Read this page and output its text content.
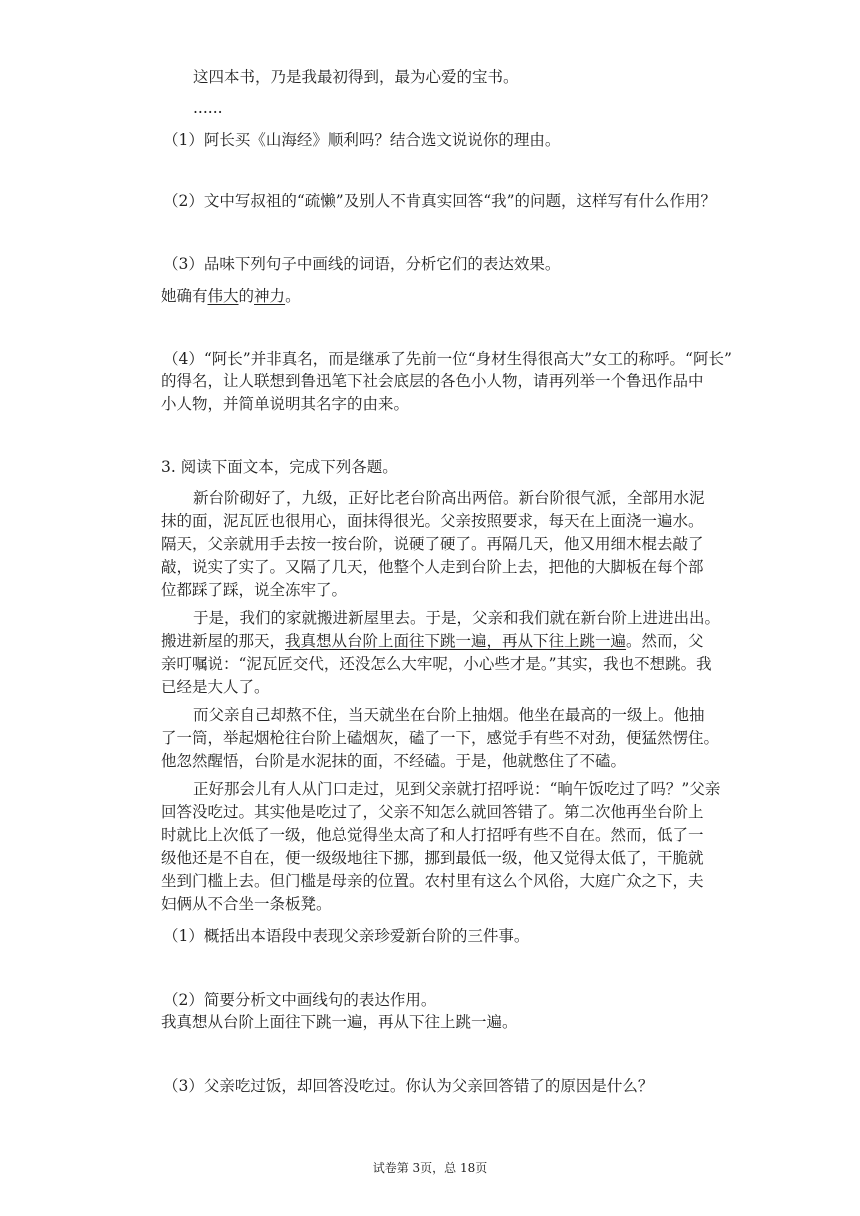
这四本书，乃是我最初得到，最为心爱的宝书。

......

（1）阿长买《山海经》顺利吗？结合选文说说你的理由。

（2）文中写叔祖的“疏懒”及别人不肯真实回答“我”的问题，这样写有什么作用？

（3）品味下列句子中画线的词语，分析它们的表达效果。

她确有伟大的神力。

（4）“阿长”并非真名，而是继承了先前一位“身材生得很高大”女工的称呼。“阿长”

的得名，让人联想到鲁迅笔下社会底层的各色小人物，请再列举一个鲁迅作品中

小人物，并简单说明其名字的由来。

3. 阅读下面文本，完成下列各题。

新台阶砌好了，九级，正好比老台阶高出两倍。新台阶很气派，全部用水泥

抹的面，泥瓦匠也很用心，面抹得很光。父亲按照要求，每天在上面浇一遍水。

隔天，父亲就用手去按一按台阶，说硬了硬了。再隔几天，他又用细木棍去敲了

敲，说实了实了。又隔了几天，他整个人走到台阶上去，把他的大脚板在每个部

位都踩了踩，说全冻牢了。

于是，我们的家就搬进新屋里去。于是，父亲和我们就在新台阶上进进出出。

搬进新屋的那天，我真想从台阶上面往下跳一遍，再从下往上跳一遍。然而，父

亲叮嘱说：“泥瓦匠交代，还没怎么大牢呢，小心些才是。”其实，我也不想跳。我

已经是大人了。

而父亲自己却熬不住，当天就坐在台阶上抽烟。他坐在最高的一级上。他抽

了一筒，举起烟枪往台阶上磕烟灰，磕了一下，感觉手有些不对劲，便猛然愣住。

他忽然醒悟，台阶是水泥抹的面，不经磕。于是，他就憋住了不磕。

正好那会儿有人从门口走过，见到父亲就打招呼说：“晌午饭吃过了吗？”父亲

回答没吃过。其实他是吃过了，父亲不知怎么就回答错了。第二次他再坐台阶上

时就比上次低了一级，他总觉得坐太高了和人打招呼有些不自在。然而，低了一

级他还是不自在，便一级级地往下挪，挪到最低一级，他又觉得太低了，干脆就

坐到门槛上去。但门槛是母亲的位置。农村里有这么个风俗，大庭广众之下，夫

妇俩从不合坐一条板凳。

（1）概括出本语段中表现父亲珍爱新台阶的三件事。

（2）简要分析文中画线句的表达作用。

我真想从台阶上面往下跳一遍，再从下往上跳一遍。

（3）父亲吃过饭，却回答没吃过。你认为父亲回答错了的原因是什么？

试卷第 3页，总 18页
